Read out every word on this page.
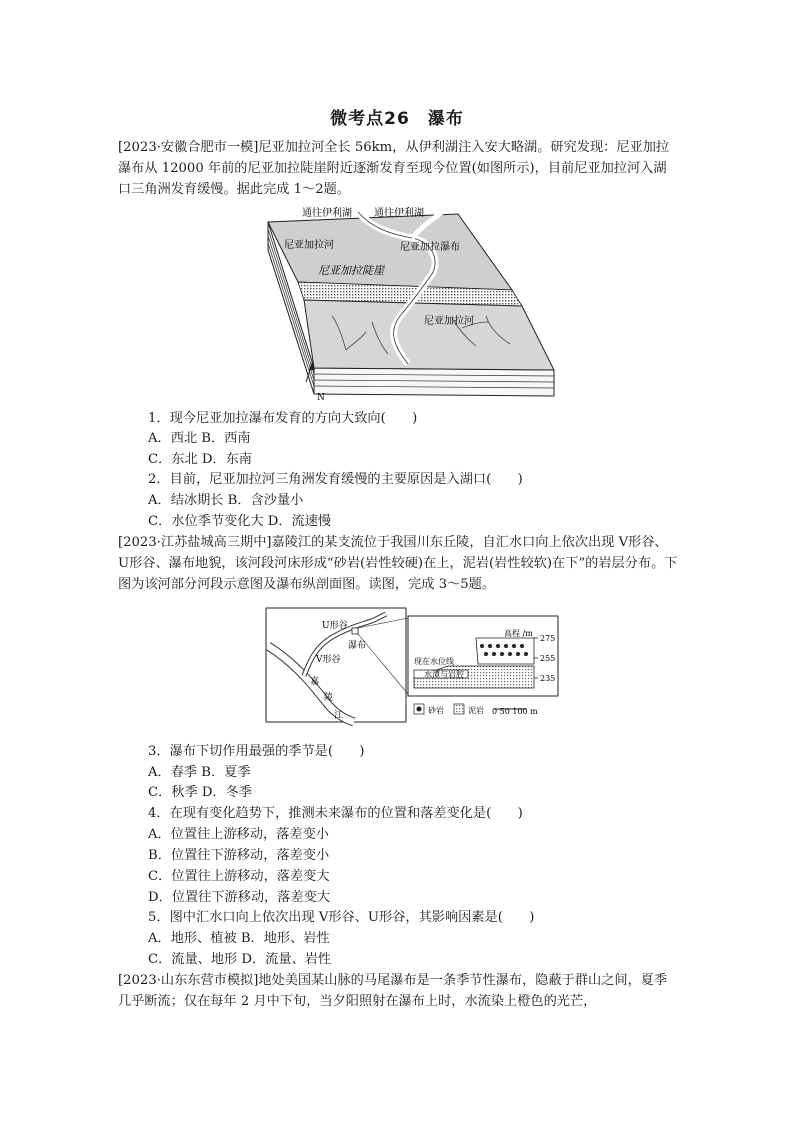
微考点26　瀑布
[2023·安徽合肥市一模]尼亚加拉河全长 56km，从伊利湖注入安大略湖。研究发现：尼亚加拉瀑布从 12000 年前的尼亚加拉陡崖附近逐渐发育至现今位置(如图所示)，目前尼亚加拉河入湖口三角洲发育缓慢。据此完成 1～2题。
N
通往伊利湖 通往伊利湖
尼亚加拉河	尼亚加拉瀑布
尼亚加拉陡崖
尼亚加拉河
1．现今尼亚加拉瀑布发育的方向大致向(　　)
A．西北 B．西南
C．东北 D．东南
2．目前，尼亚加拉河三角洲发育缓慢的主要原因是入湖口(　　)
A．结冰期长 B．含沙量小
C．水位季节变化大 D．流速慢
[2023·江苏盐城高三期中]嘉陵江的某支流位于我国川东丘陵，自汇水口向上依次出现 V形谷、U形谷、瀑布地貌，该河段河床形成“砂岩(岩性较硬)在上，泥岩(岩性较软)在下”的岩层分布。下图为该河部分河段示意图及瀑布纵剖面图。读图，完成 3～5题。
U形谷
瀑布
V形谷
嘉
陵
江
高程 /m
275
255
235
现在水位线
水潭与岩腔
砂岩	泥岩 0 50 100 m
3．瀑布下切作用最强的季节是(　　)
A．春季 B．夏季
C．秋季 D．冬季
4．在现有变化趋势下，推测未来瀑布的位置和落差变化是(　　)
A．位置往上游移动，落差变小
B．位置往下游移动，落差变小
C．位置往上游移动，落差变大
D．位置往下游移动，落差变大
5．图中汇水口向上依次出现 V形谷、U形谷，其影响因素是(　　)
A．地形、植被 B．地形、岩性
C．流量、地形 D．流量、岩性
[2023·山东东营市模拟]地处美国某山脉的马尾瀑布是一条季节性瀑布，隐蔽于群山之间，夏季几乎断流；仅在每年 2 月中下旬，当夕阳照射在瀑布上时，水流染上橙色的光芒，
